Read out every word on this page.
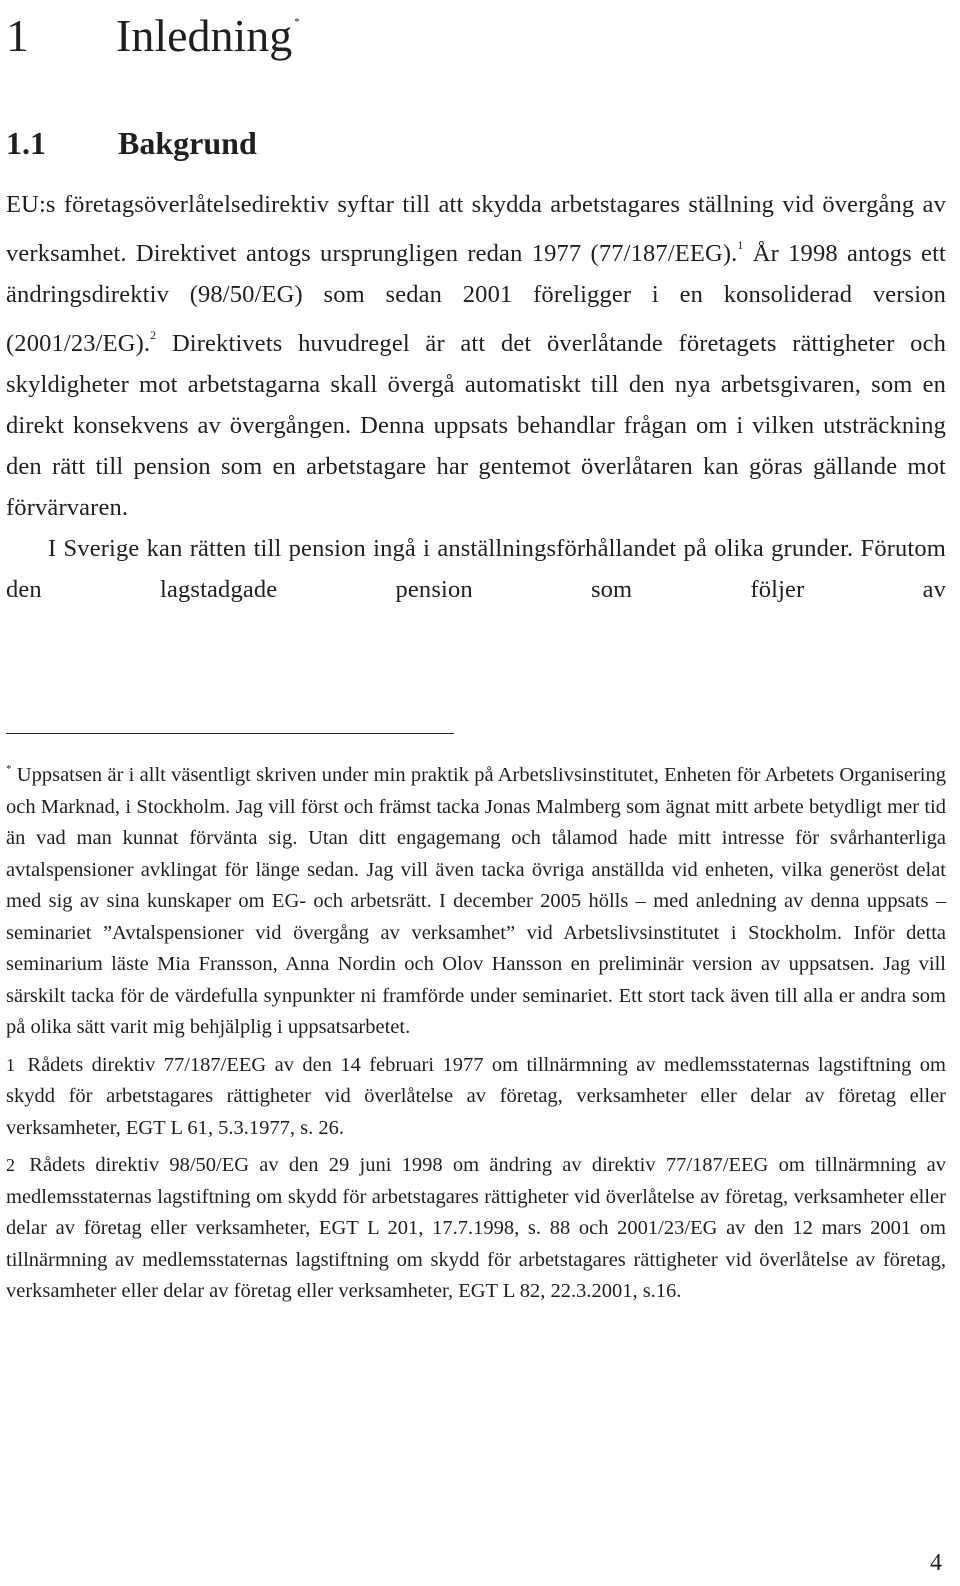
1 Inledning *
1.1 Bakgrund

EU:s företagsöverlåtelsedirektiv syftar till att skydda arbetstagares ställning vid övergång av verksamhet. Direktivet antogs ursprungligen redan 1977 (77/187/EEG).$^1$ År 1998 antogs ett ändringsdirektiv (98/50/EG) som sedan 2001 föreligger i en konsoliderad version (2001/23/EG).$^2$ Direktivets huvudregel är att det överlåtande företagets rättigheter och skyldigheter mot arbetstagarna skall övergå automatiskt till den nya arbetsgivaren, som en direkt konsekvens av övergången. Denna uppsats behandlar frågan om i vilken utsträckning den rätt till pension som en arbetstagare har gentemot överlåtaren kan göras gällande mot förvärvaren.

I Sverige kan rätten till pension ingå i anställningsförhållandet på olika grunder. Förutom den lagstadgade pension som följer av

* Uppsatsen är i allt väsentligt skriven under min praktik på Arbetslivsinstitutet, Enheten för Arbetets Organisering och Marknad, i Stockholm. Jag vill först och främst tacka Jonas Malmberg som ägnat mitt arbete betydligt mer tid än vad man kunnat förvänta sig. Utan ditt engagemang och tålamod hade mitt intresse för svårhanterliga avtalspensioner avklingat för länge sedan. Jag vill även tacka övriga anställda vid enheten, vilka generöst delat med sig av sina kunskaper om EG- och arbetsrätt. I december 2005 hölls – med anledning av denna uppsats – seminariet ”Avtalspensioner vid övergång av verksamhet” vid Arbetslivsinstitutet i Stockholm. Inför detta seminarium läste Mia Fransson, Anna Nordin och Olov Hansson en preliminär version av uppsatsen. Jag vill särskilt tacka för de värdefulla synpunkter ni framförde under seminariet. Ett stort tack även till alla er andra som på olika sätt varit mig behjälplig i uppsatsarbetet.

1 Rådets direktiv 77/187/EEG av den 14 februari 1977 om tillnärmning av medlemsstaternas lagstiftning om skydd för arbetstagares rättigheter vid överlåtelse av företag, verksamheter eller delar av företag eller verksamheter, EGT L 61, 5.3.1977, s. 26.

2 Rådets direktiv 98/50/EG av den 29 juni 1998 om ändring av direktiv 77/187/EEG om tillnärmning av medlemsstaternas lagstiftning om skydd för arbetstagares rättigheter vid överlåtelse av företag, verksamheter eller delar av företag eller verksamheter, EGT L 201, 17.7.1998, s. 88 och 2001/23/EG av den 12 mars 2001 om tillnärmning av medlemsstaternas lagstiftning om skydd för arbetstagares rättigheter vid överlåtelse av företag, verksamheter eller delar av företag eller verksamheter, EGT L 82, 22.3.2001, s.16.

4
